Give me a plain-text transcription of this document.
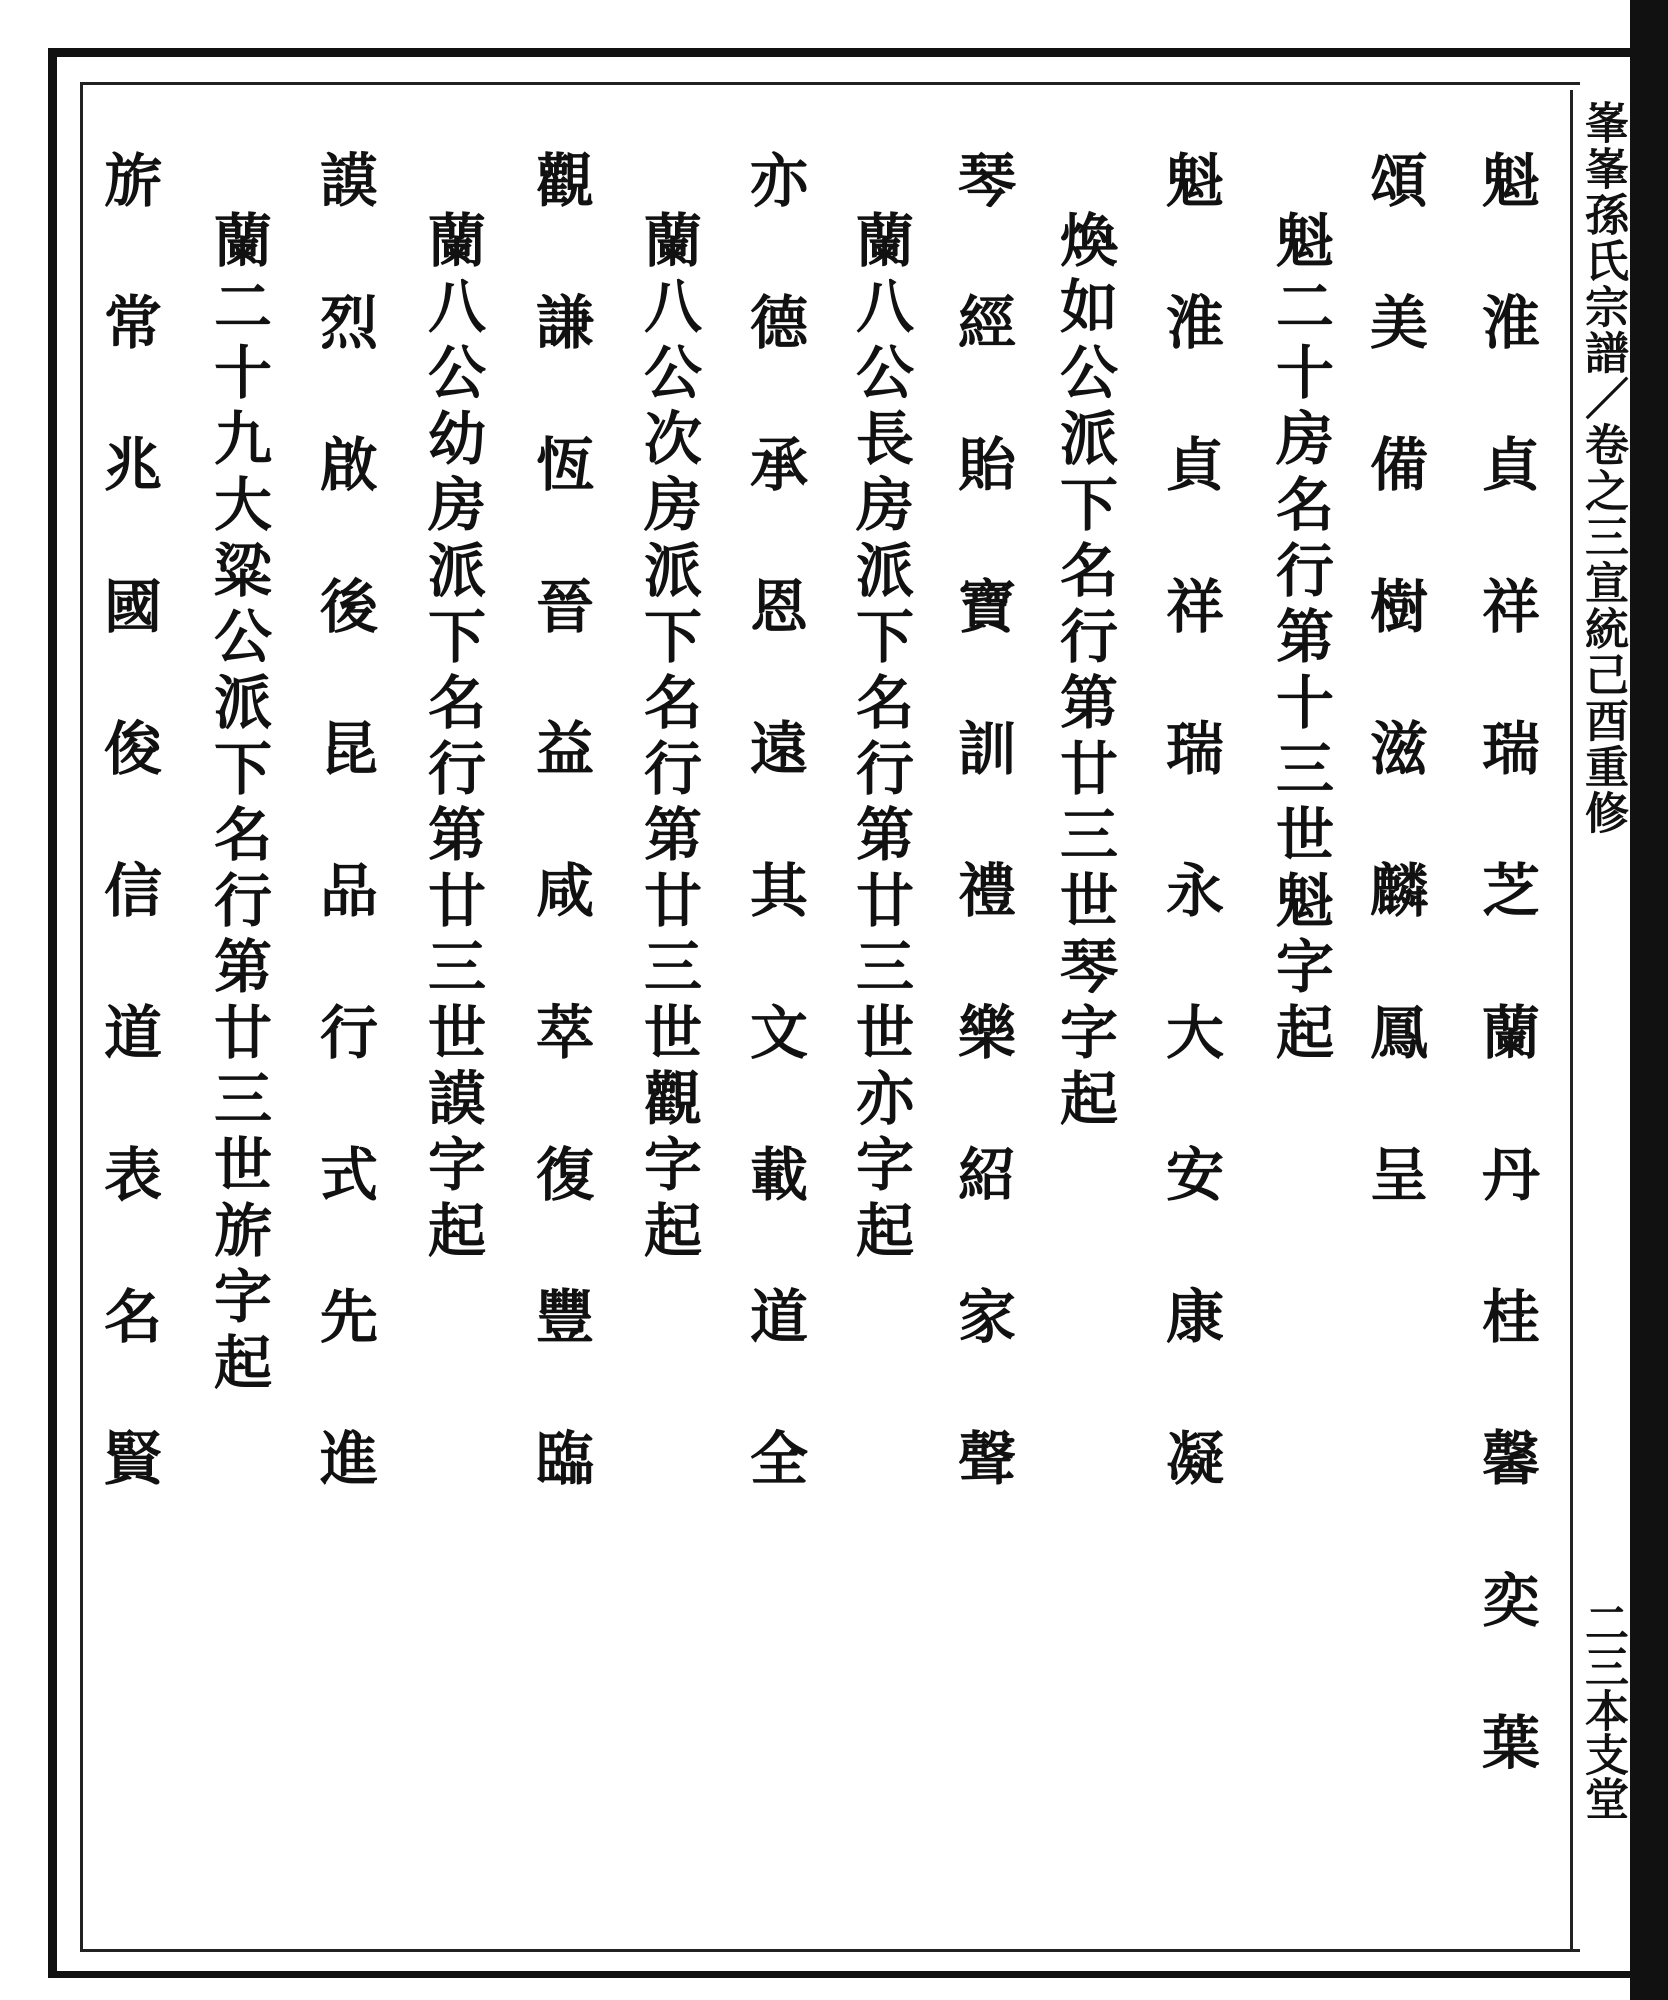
峯峯孫氏宗譜／卷之三宣統己酉重修
二三本支堂
魁淮貞祥瑞芝蘭丹桂馨奕葉
頌美備樹滋麟鳳呈
魁二十房名行第十三世魁字起
魁淮貞祥瑞永大安康凝
煥如公派下名行第廿三世琴字起
琴經貽寶訓禮樂紹家聲
蘭八公長房派下名行第廿三世亦字起
亦德承恩遠其文載道全
蘭八公次房派下名行第廿三世觀字起
觀謙恆晉益咸萃復豐臨
蘭八公幼房派下名行第廿三世謨字起
謨烈啟後昆品行式先進
蘭二十九大粱公派下名行第廿三世旂字起
旂常兆國俊信道表名賢
